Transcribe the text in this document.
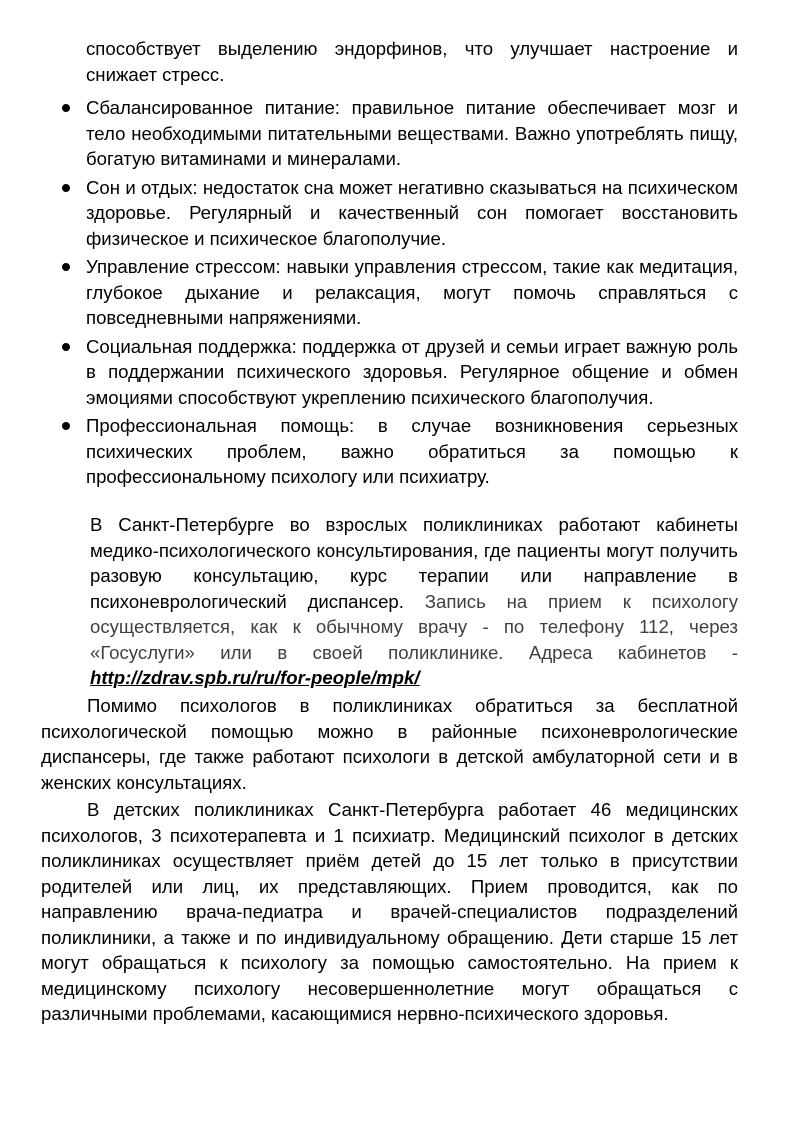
способствует выделению эндорфинов, что улучшает настроение и снижает стресс.

Сбалансированное питание: правильное питание обеспечивает мозг и тело необходимыми питательными веществами. Важно употреблять пищу, богатую витаминами и минералами.
Сон и отдых: недостаток сна может негативно сказываться на психическом здоровье. Регулярный и качественный сон помогает восстановить физическое и психическое благополучие.
Управление стрессом: навыки управления стрессом, такие как медитация, глубокое дыхание и релаксация, могут помочь справляться с повседневными напряжениями.
Социальная поддержка: поддержка от друзей и семьи играет важную роль в поддержании психического здоровья. Регулярное общение и обмен эмоциями способствуют укреплению психического благополучия.
Профессиональная помощь: в случае возникновения серьезных психических проблем, важно обратиться за помощью к профессиональному психологу или психиатру.

В Санкт-Петербурге во взрослых поликлиниках работают кабинеты медико-психологического консультирования, где пациенты могут получить разовую консультацию, курс терапии или направление в психоневрологический диспансер. Запись на прием к психологу осуществляется, как к обычному врачу - по телефону 112, через «Госуслуги» или в своей поликлинике. Адреса кабинетов - http://zdrav.spb.ru/ru/for-people/mpk/

Помимо психологов в поликлиниках обратиться за бесплатной психологической помощью можно в районные психоневрологические диспансеры, где также работают психологи в детской амбулаторной сети и в женских консультациях.

В детских поликлиниках Санкт-Петербурга работает 46 медицинских психологов, 3 психотерапевта и 1 психиатр. Медицинский психолог в детских поликлиниках осуществляет приём детей до 15 лет только в присутствии родителей или лиц, их представляющих. Прием проводится, как по направлению врача-педиатра и врачей-специалистов подразделений поликлиники, а также и по индивидуальному обращению. Дети старше 15 лет могут обращаться к психологу за помощью самостоятельно. На прием к медицинскому психологу несовершеннолетние могут обращаться с различными проблемами, касающимися нервно-психического здоровья.
